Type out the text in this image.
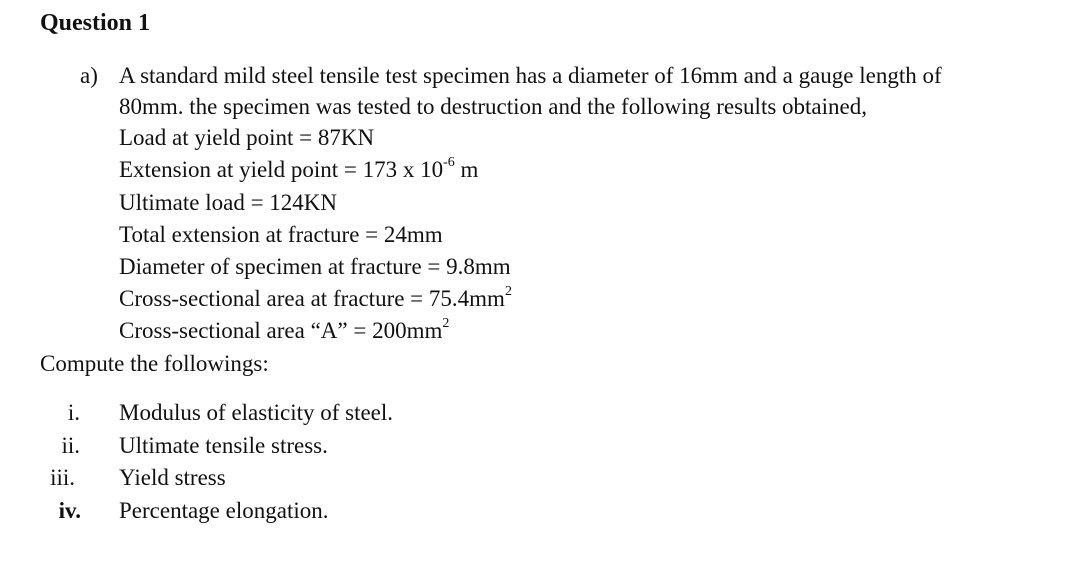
Question 1
a) A standard mild steel tensile test specimen has a diameter of 16mm and a gauge length of
80mm. the specimen was tested to destruction and the following results obtained,
Load at yield point = 87KN
Extension at yield point = 173 x $10^{-6}$ m
Ultimate load = 124KN
Total extension at fracture = 24mm
Diameter of specimen at fracture = 9.8mm
Cross-sectional area at fracture = $75.4mm^2$
Cross-sectional area “A” = $200mm^2$
Compute the followings:
i. Modulus of elasticity of steel.
ii. Ultimate tensile stress.
iii. Yield stress
iv. Percentage elongation.
